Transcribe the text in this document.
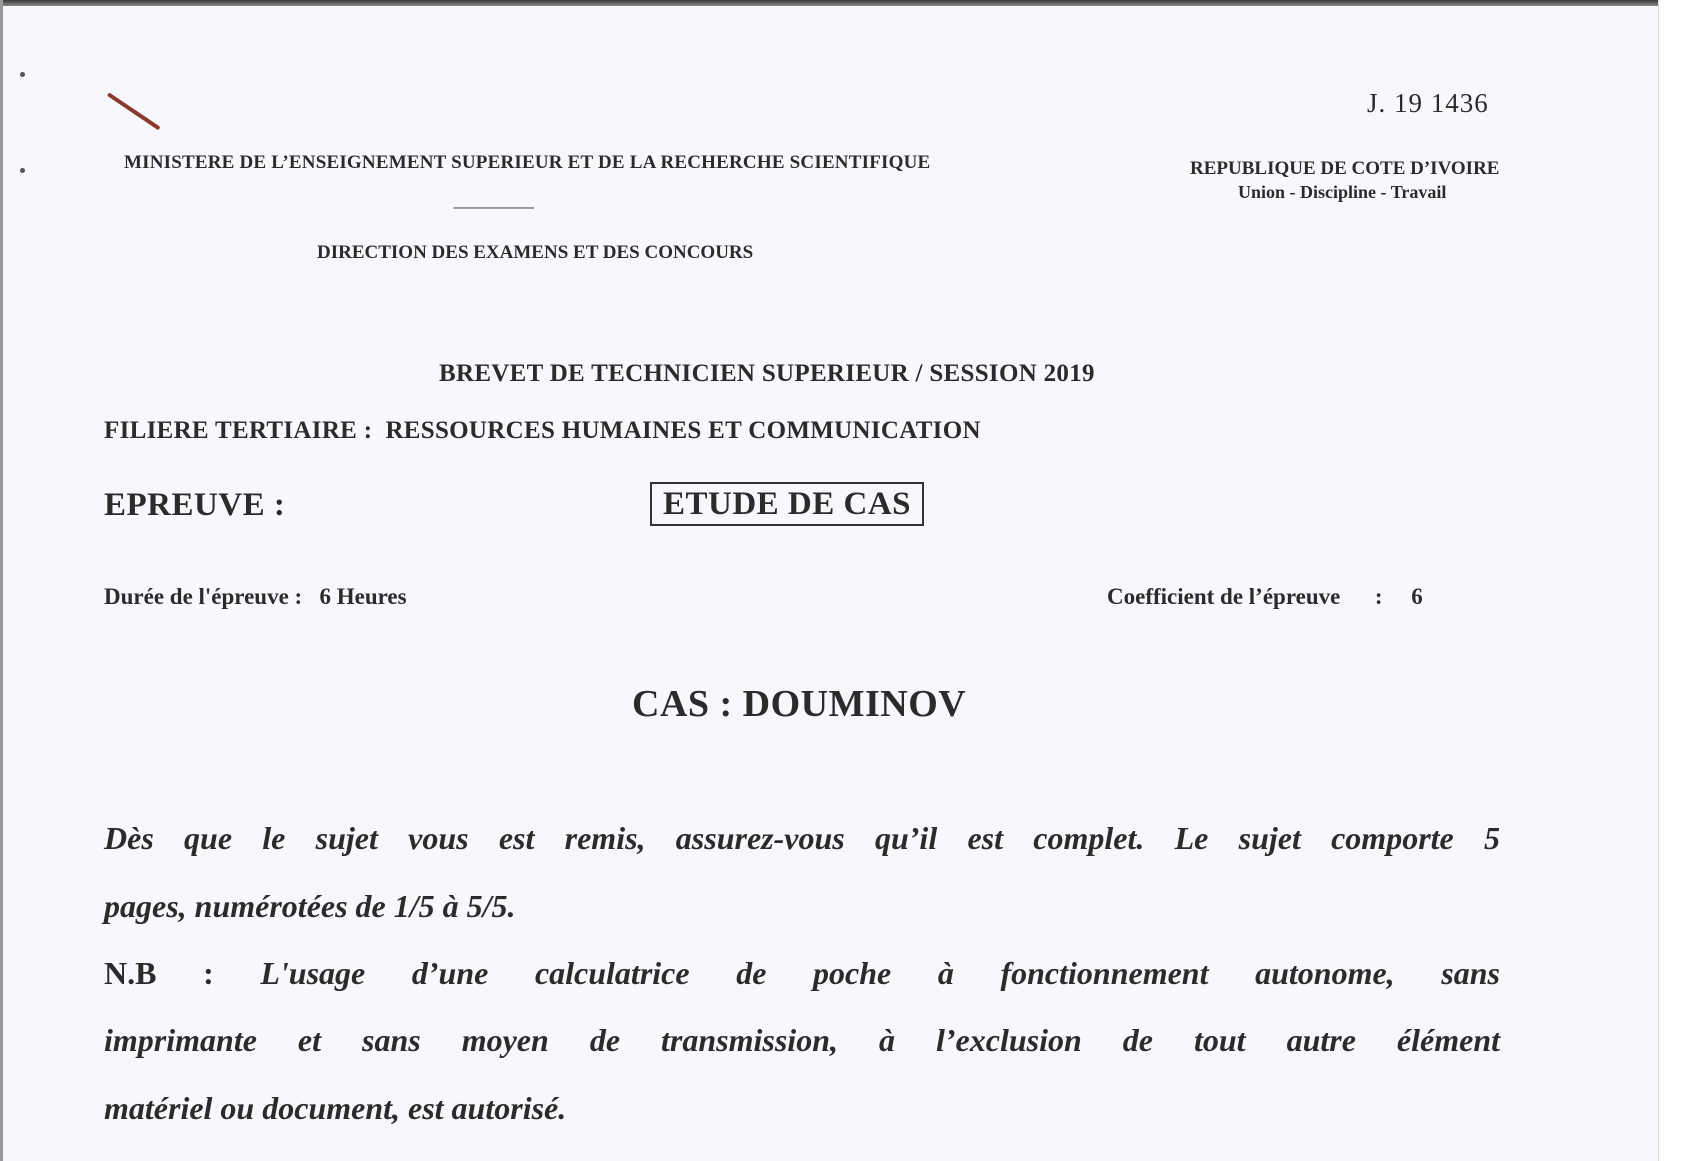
J. 19 1436
MINISTERE DE L’ENSEIGNEMENT SUPERIEUR ET DE LA RECHERCHE SCIENTIFIQUE
----------------------
DIRECTION DES EXAMENS ET DES CONCOURS
REPUBLIQUE DE COTE D’IVOIRE
Union - Discipline - Travail
BREVET DE TECHNICIEN SUPERIEUR / SESSION 2019
FILIERE TERTIAIRE : RESSOURCES HUMAINES ET COMMUNICATION
EPREUVE :	ETUDE DE CAS
Durée de l'épreuve : 6 Heures	Coefficient de l’épreuve : 6
CAS : DOUMINOV
Dès que le sujet vous est remis, assurez-vous qu’il est complet. Le sujet comporte 5
pages, numérotées de 1/5 à 5/5.
N.B : L'usage d’une calculatrice de poche à fonctionnement autonome, sans
imprimante et sans moyen de transmission, à l’exclusion de tout autre élément
matériel ou document, est autorisé.
